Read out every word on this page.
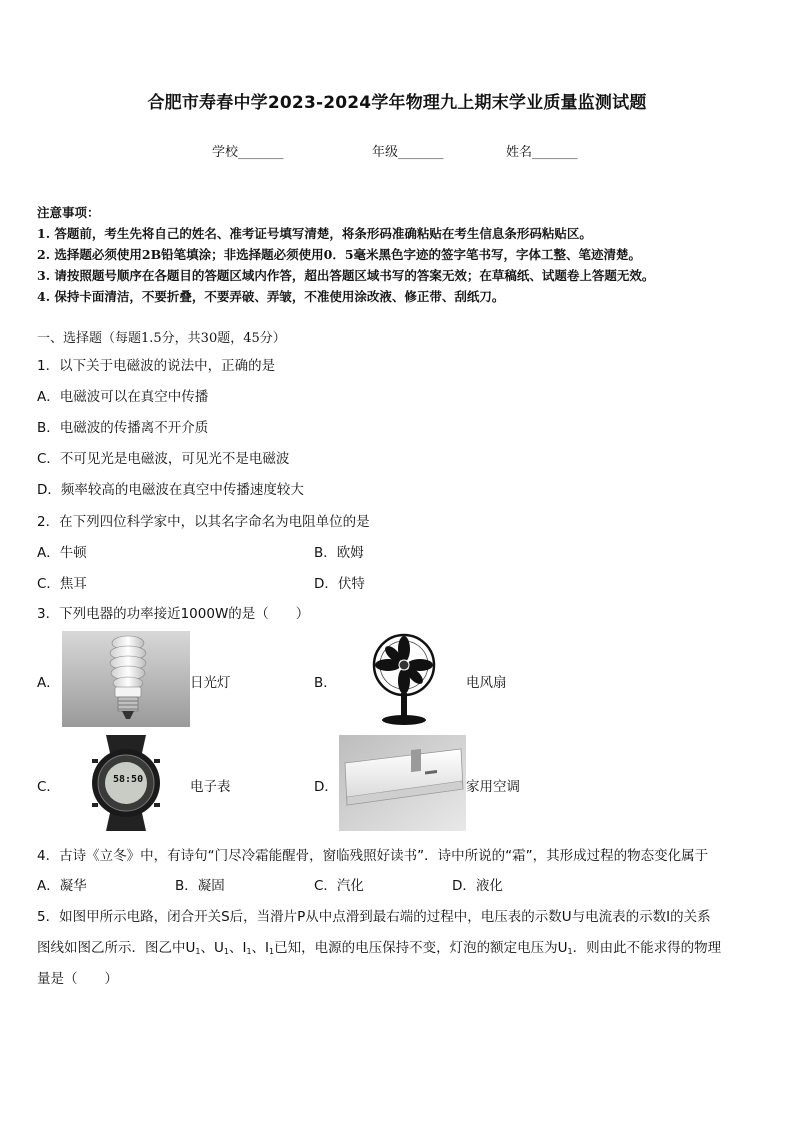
合肥市寿春中学2023-2024学年物理九上期末学业质量监测试题
学校_______	年级_______	姓名_______
注意事项：
1. 答题前，考生先将自己的姓名、准考证号填写清楚，将条形码准确粘贴在考生信息条形码粘贴区。
2. 选择题必须使用2B铅笔填涂；非选择题必须使用0．5毫米黑色字迹的签字笔书写，字体工整、笔迹清楚。
3. 请按照题号顺序在各题目的答题区域内作答，超出答题区域书写的答案无效；在草稿纸、试题卷上答题无效。
4. 保持卡面清洁，不要折叠，不要弄破、弄皱，不准使用涂改液、修正带、刮纸刀。
一、选择题（每题1.5分，共30题，45分）
1．以下关于电磁波的说法中，正确的是
A．电磁波可以在真空中传播
B．电磁波的传播离不开介质
C．不可见光是电磁波，可见光不是电磁波
D．频率较高的电磁波在真空中传播速度较大
2．在下列四位科学家中，以其名字命名为电阻单位的是
A．牛顿	B．欧姆
C．焦耳	D．伏特
3．下列电器的功率接近1000W的是（　　）
A．	日光灯	B．	电风扇
C．	58:50	电子表	D．	家用空调
4．古诗《立冬》中，有诗句“门尽冷霜能醒骨，窗临残照好读书”．诗中所说的“霜”，其形成过程的物态变化属于
A．凝华	B．凝固	C．汽化	D．液化
5．如图甲所示电路，闭合开关S后，当滑片P从中点滑到最右端的过程中，电压表的示数U与电流表的示数I的关系
图线如图乙所示．图乙中$U_1$、$U_1$、$I_1$、$I_1$已知，电源的电压保持不变，灯泡的额定电压为$U_1$．则由此不能求得的物理
量是（　　）
